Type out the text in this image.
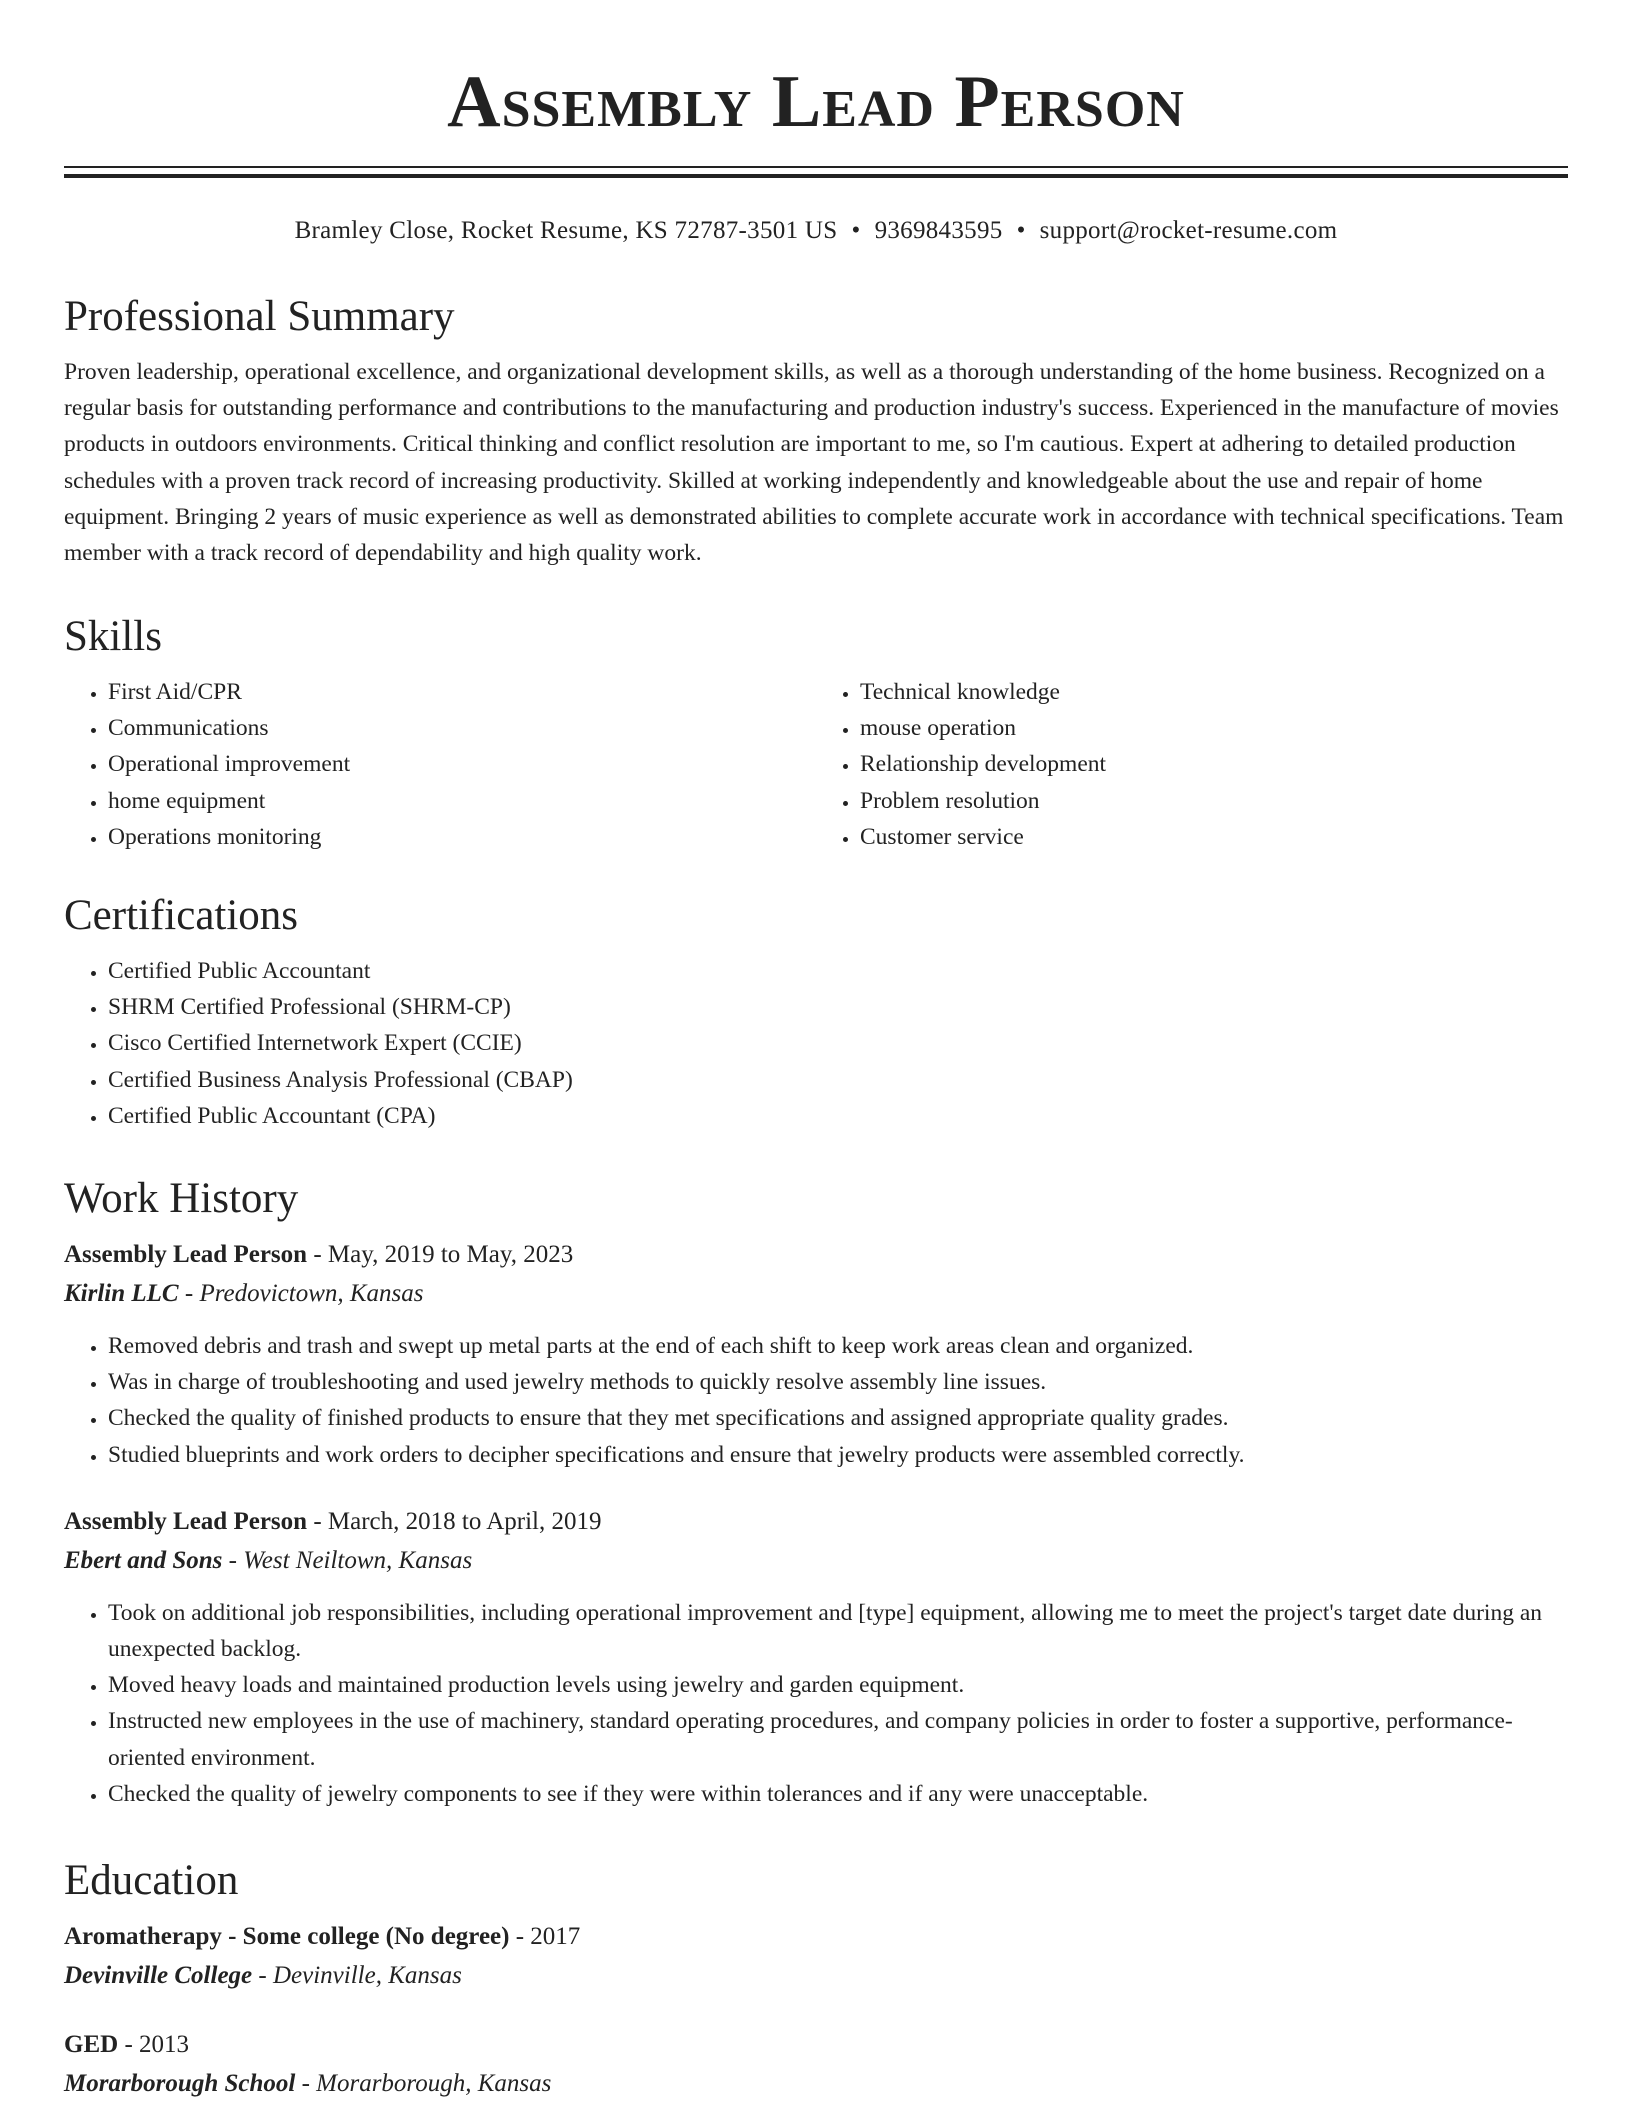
Assembly Lead Person
Bramley Close, Rocket Resume, KS 72787-3501 US • 9369843595 • support@rocket-resume.com
Professional Summary

Proven leadership, operational excellence, and organizational development skills, as well as a thorough understanding of the home business. Recognized on a regular basis for outstanding performance and contributions to the manufacturing and production industry's success. Experienced in the manufacture of movies products in outdoors environments. Critical thinking and conflict resolution are important to me, so I'm cautious. Expert at adhering to detailed production schedules with a proven track record of increasing productivity. Skilled at working independently and knowledgeable about the use and repair of home equipment. Bringing 2 years of music experience as well as demonstrated abilities to complete accurate work in accordance with technical specifications. Team member with a track record of dependability and high quality work.

Skills
• First Aid/CPR
• Communications
• Operational improvement
• home equipment
• Operations monitoring
• Technical knowledge
• mouse operation
• Relationship development
• Problem resolution
• Customer service
Certifications
• Certified Public Accountant
• SHRM Certified Professional (SHRM-CP)
• Cisco Certified Internetwork Expert (CCIE)
• Certified Business Analysis Professional (CBAP)
• Certified Public Accountant (CPA)
Work History
Assembly Lead Person - May, 2019 to May, 2023
Kirlin LLC - Predovictown, Kansas
• Removed debris and trash and swept up metal parts at the end of each shift to keep work areas clean and organized.
• Was in charge of troubleshooting and used jewelry methods to quickly resolve assembly line issues.
• Checked the quality of finished products to ensure that they met specifications and assigned appropriate quality grades.
• Studied blueprints and work orders to decipher specifications and ensure that jewelry products were assembled correctly.
Assembly Lead Person - March, 2018 to April, 2019
Ebert and Sons - West Neiltown, Kansas
• Took on additional job responsibilities, including operational improvement and [type] equipment, allowing me to meet the project's target date during an unexpected backlog.
• Moved heavy loads and maintained production levels using jewelry and garden equipment.
• Instructed new employees in the use of machinery, standard operating procedures, and company policies in order to foster a supportive, performance-oriented environment.
• Checked the quality of jewelry components to see if they were within tolerances and if any were unacceptable.
Education
Aromatherapy - Some college (No degree) - 2017
Devinville College - Devinville, Kansas
GED - 2013
Morarborough School - Morarborough, Kansas
